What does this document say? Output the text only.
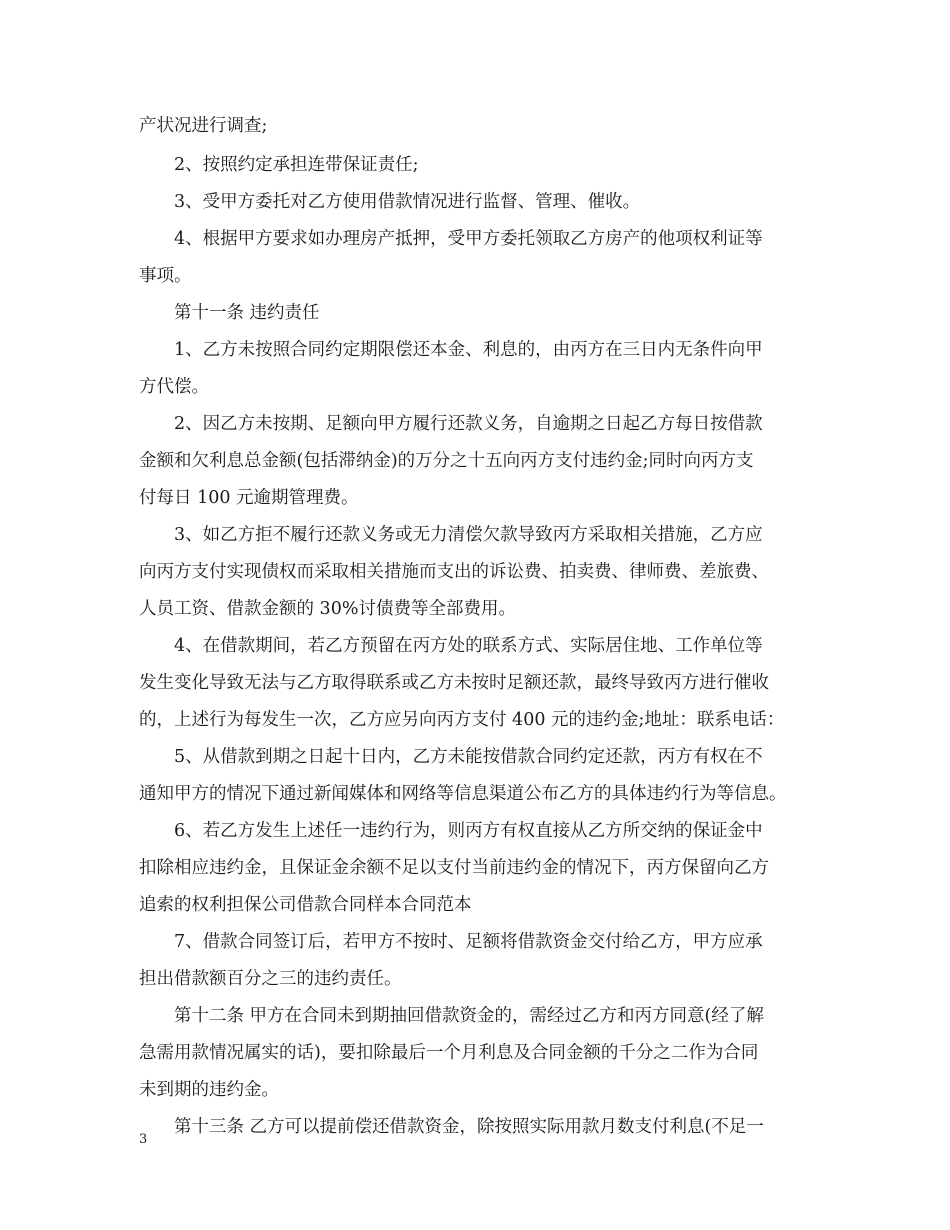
产状况进行调查;
2、按照约定承担连带保证责任;
3、受甲方委托对乙方使用借款情况进行监督、管理、催收。
4、根据甲方要求如办理房产抵押，受甲方委托领取乙方房产的他项权利证等
事项。
第十一条 违约责任
1、乙方未按照合同约定期限偿还本金、利息的，由丙方在三日内无条件向甲
方代偿。
2、因乙方未按期、足额向甲方履行还款义务，自逾期之日起乙方每日按借款
金额和欠利息总金额(包括滞纳金)的万分之十五向丙方支付违约金;同时向丙方支
付每日 100 元逾期管理费。
3、如乙方拒不履行还款义务或无力清偿欠款导致丙方采取相关措施，乙方应
向丙方支付实现债权而采取相关措施而支出的诉讼费、拍卖费、律师费、差旅费、
人员工资、借款金额的 30%讨债费等全部费用。
4、在借款期间，若乙方预留在丙方处的联系方式、实际居住地、工作单位等
发生变化导致无法与乙方取得联系或乙方未按时足额还款，最终导致丙方进行催收
的，上述行为每发生一次，乙方应另向丙方支付 400 元的违约金;地址：联系电话：
5、从借款到期之日起十日内，乙方未能按借款合同约定还款，丙方有权在不
通知甲方的情况下通过新闻媒体和网络等信息渠道公布乙方的具体违约行为等信息。
6、若乙方发生上述任一违约行为，则丙方有权直接从乙方所交纳的保证金中
扣除相应违约金，且保证金余额不足以支付当前违约金的情况下，丙方保留向乙方
追索的权利担保公司借款合同样本合同范本
7、借款合同签订后，若甲方不按时、足额将借款资金交付给乙方，甲方应承
担出借款额百分之三的违约责任。
第十二条 甲方在合同未到期抽回借款资金的，需经过乙方和丙方同意(经了解
急需用款情况属实的话)，要扣除最后一个月利息及合同金额的千分之二作为合同
未到期的违约金。
第十三条 乙方可以提前偿还借款资金，除按照实际用款月数支付利息(不足一
3
